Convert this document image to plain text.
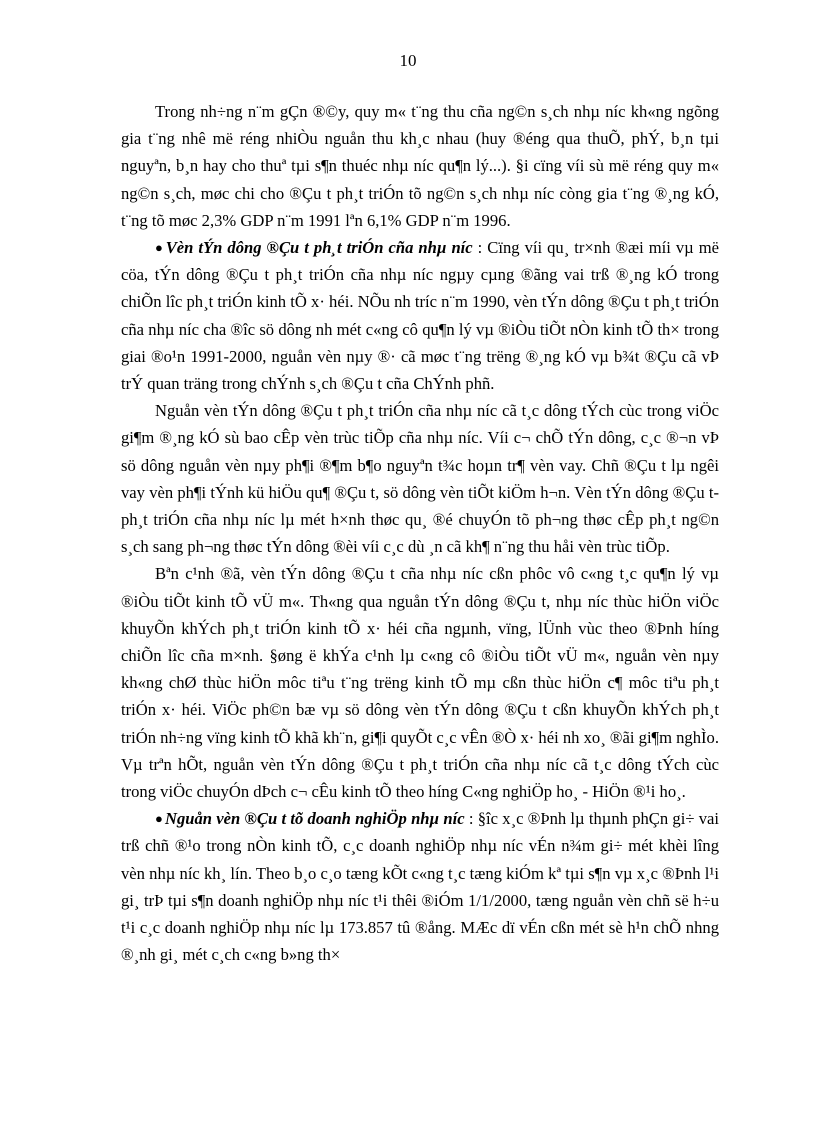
10

Trong nh÷ng n¨m gÇn ®©y, quy m« t¨ng thu cña ng©n s¸ch nhµ níc kh«ng ngõng gia t¨ng nhê më réng nhiÒu nguån thu kh¸c nhau (huy ®éng qua thuÕ, phÝ, b¸n tµi nguyªn, b¸n hay cho thuª tµi s¶n thuéc nhµ níc qu¶n lý...). §i cïng víi sù më réng quy m« ng©n s¸ch, møc chi cho ®Çu t ph¸t triÓn tõ ng©n s¸ch nhµ níc còng gia t¨ng ®¸ng kÓ, t¨ng tõ møc 2,3% GDP n¨m 1991 lªn 6,1% GDP n¨m 1996.

● Vèn tÝn dông ®Çu t ph¸t triÓn cña nhµ níc : Cïng víi qu¸ tr×nh ®æi míi vµ më cöa, tÝn dông ®Çu t ph¸t triÓn cña nhµ níc ngµy cµng ®ãng vai trß ®¸ng kÓ trong chiÕn lîc ph¸t triÓn kinh tÕ x· héi. NÕu nh tríc n¨m 1990, vèn tÝn dông ®Çu t ph¸t triÓn cña nhµ níc cha ®îc sö dông nh mét c«ng cô qu¶n lý vµ ®iÒu tiÕt nÒn kinh tÕ th× trong giai ®o¹n 1991-2000, nguån vèn nµy ®· cã møc t¨ng trëng ®¸ng kÓ vµ b¾t ®Çu cã vÞ trÝ quan träng trong chÝnh s¸ch ®Çu t cña ChÝnh phñ.

Nguån vèn tÝn dông ®Çu t ph¸t triÓn cña nhµ níc cã t¸c dông tÝch cùc trong viÖc gi¶m ®¸ng kÓ sù bao cÊp vèn trùc tiÕp cña nhµ níc. Víi c¬ chÕ tÝn dông, c¸c ®¬n vÞ sö dông nguån vèn nµy ph¶i ®¶m b¶o nguyªn t¾c hoµn tr¶ vèn vay. Chñ ®Çu t lµ ngêi vay vèn ph¶i tÝnh kü hiÖu qu¶ ®Çu t, sö dông vèn tiÕt kiÖm h¬n. Vèn tÝn dông ®Çu t ph¸t triÓn cña nhµ níc lµ mét h×nh thøc qu¸ ®é chuyÓn tõ ph¬ng thøc cÊp ph¸t ng©n s¸ch sang ph¬ng thøc tÝn dông ®èi víi c¸c dù ¸n cã kh¶ n¨ng thu håi vèn trùc tiÕp.

Bªn c¹nh ®ã, vèn tÝn dông ®Çu t cña nhµ níc cßn phôc vô c«ng t¸c qu¶n lý vµ ®iÒu tiÕt kinh tÕ vÜ m«. Th«ng qua nguån tÝn dông ®Çu t, nhµ níc thùc hiÖn viÖc khuyÕn khÝch ph¸t triÓn kinh tÕ x· héi cña ngµnh, vïng, lÜnh vùc theo ®Þnh híng chiÕn lîc cña m×nh. §øng ë khÝa c¹nh lµ c«ng cô ®iÒu tiÕt vÜ m«, nguån vèn nµy kh«ng chØ thùc hiÖn môc tiªu t¨ng trëng kinh tÕ mµ cßn thùc hiÖn c¶ môc tiªu ph¸t triÓn x· héi. ViÖc ph©n bæ vµ sö dông vèn tÝn dông ®Çu t cßn khuyÕn khÝch ph¸t triÓn nh÷ng vïng kinh tÕ khã kh¨n, gi¶i quyÕt c¸c vÊn ®Ò x· héi nh xo¸ ®ãi gi¶m nghÌo. Vµ trªn hÕt, nguån vèn tÝn dông ®Çu t ph¸t triÓn cña nhµ níc cã t¸c dông tÝch cùc trong viÖc chuyÓn dÞch c¬ cÊu kinh tÕ theo híng C«ng nghiÖp ho¸ - HiÖn ®¹i ho¸.

● Nguån vèn ®Çu t tõ doanh nghiÖp nhµ níc : §îc x¸c ®Þnh lµ thµnh phÇn gi÷ vai trß chñ ®¹o trong nÒn kinh tÕ, c¸c doanh nghiÖp nhµ níc vÉn n¾m gi÷ mét khèi lîng vèn nhµ níc kh¸ lín. Theo b¸o c¸o tæng kÕt c«ng t¸c tæng kiÓm kª tµi s¶n vµ x¸c ®Þnh l¹i gi¸ trÞ tµi s¶n doanh nghiÖp nhµ níc t¹i thêi ®iÓm 1/1/2000, tæng nguån vèn chñ së h÷u t¹i c¸c doanh nghiÖp nhµ níc lµ 173.857 tû ®ång. MÆc dï vÉn cßn mét sè h¹n chÕ nhng ®¸nh gi¸ mét c¸ch c«ng b»ng th×
